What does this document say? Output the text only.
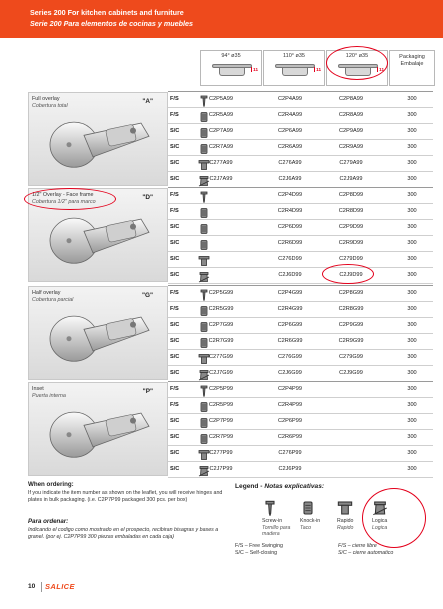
Series 200 For kitchen cabinets and furniture
Serie 200 Para elementos de cocinas y muebles
94° ø35
11
110° ø35
11
120° ø35
11
Packaging
Embalaje
Full overlay
Cobertura total
"A"	F/S	C2P5A99	C2P4A99	C2P8A99	300
F/S	C2R5A99	C2R4A99	C2R8A99	300
S/C	C2P7A99	C2P6A99	C2P9A99	300
S/C	C2R7A99	C2R6A99	C2R9A99	300
S/C	C277A99	C276A99	C279A99	300
S/C	C2J7A99	C2J6A99	C2J9A99	300
1/2" Overlay - Face frame
Cobertura 1/2" para marco
"D"	F/S	C2P4D99	C2P8D99	300
F/S	C2R4D99	C2R8D99	300
S/C	C2P6D99	C2P9D99	300
S/C	C2R6D99	C2R9D99	300
S/C	C276D99	C279D99	300
S/C	C2J6D99	C2J9D99	300
Half overlay
Cobertura parcial
"G"	F/S	C2P5G99	C2P4G99	C2P8G99	300
F/S	C2R5G99	C2R4G99	C2R8G99	300
S/C	C2P7G99	C2P6G99	C2P9G99	300
S/C	C2R7G99	C2R6G99	C2R9G99	300
S/C	C277G99	C276G99	C279G99	300
S/C	C2J7G99	C2J6G99	C2J9G99	300
Inset
Puerta interna
"P"	F/S	C2P5P99	C2P4P99	300
F/S	C2R5P99	C2R4P99	300
S/C	C2P7P99	C2P6P99	300
S/C	C2R7P99	C2R6P99	300
S/C	C277P99	C276P99	300
S/C	C2J7P99	C2J6P99	300
When ordering:
If you indicate the item number as shown on the leaflet, you will receive hinges and plates in bulk packaging. (i.e. C2P7P99 packaged 300 pcs. per box)
Para ordenar:
Indicando el codigo como mostrado en el prospecto, recibiran bisagras y bases a granel. (por ej. C2P7P99 300 piezas embaladas en cada caja)
Legend - Notas explicativas:
Screw-in
Tornillo para madera
Knock-in
Taco
Rapido
Rapido
Logica
Logica
F/S – Free Swinging
S/C – Self-closing
F/S – cierre libre
S/C – cierre automatico
10 SALICE
